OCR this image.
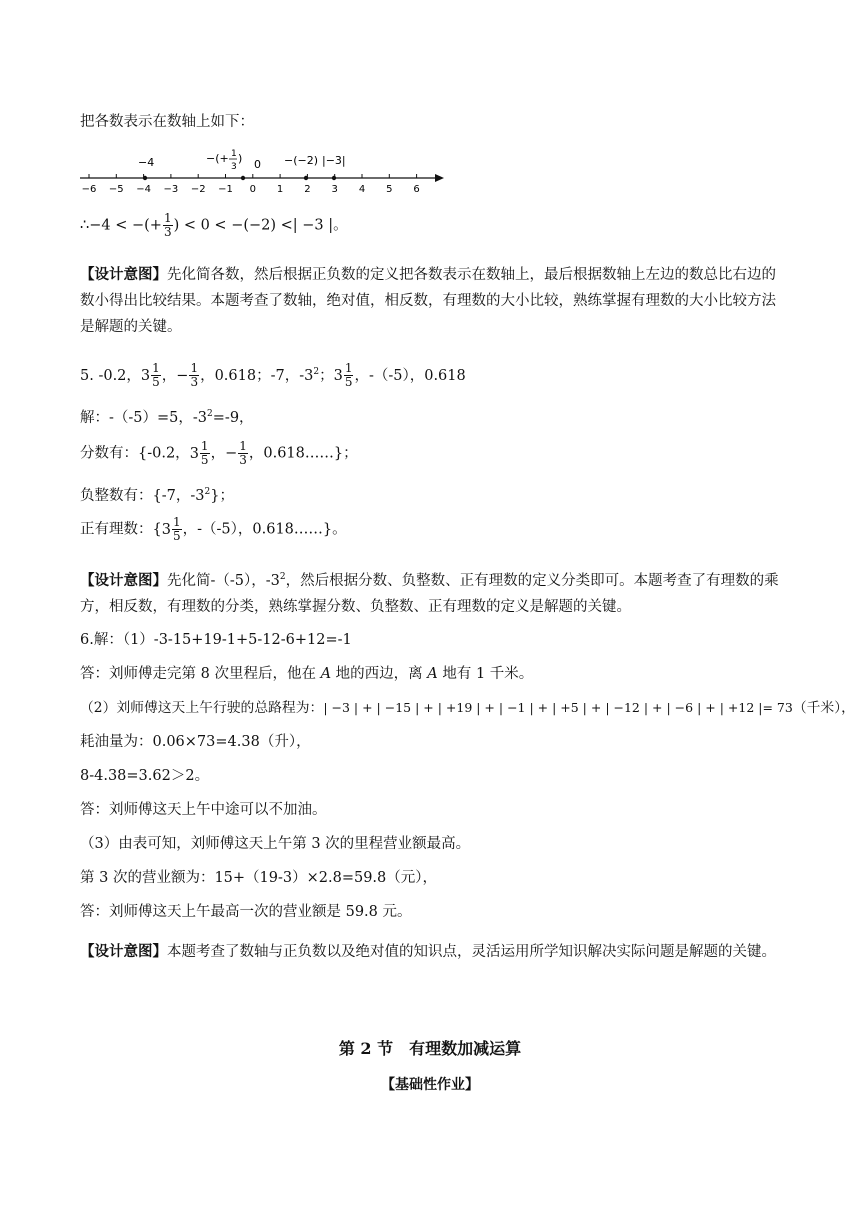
把各数表示在数轴上如下：
−6 −5 −4 −3 −2 −1 0 1 2 3 4 5 6
−4	−(+ 1
3
) 0 −(−2) |−3|
∴−4 < −(+ $\frac{1}{3}$ ) < 0 < −(−2) <| −3 |。
【设计意图】先化简各数，然后根据正负数的定义把各数表示在数轴上，最后根据数轴上左边的数总比右边的数小得出比较结果。本题考查了数轴，绝对值，相反数，有理数的大小比较，熟练掌握有理数的大小比较方法是解题的关键。
5. -0.2， $3 \frac{1}{5}$ ，− $\frac{1}{3}$ ，0.618；-7，$-3^2$； $3 \frac{1}{5}$ ，-（-5），0.618
解：-（-5）=5，$-3^2=-9$，
分数有：{-0.2， $3 \frac{1}{5}$ ，− $\frac{1}{3}$ ，0.618……}；
负整数有：{-7，$-3^2$}；
正有理数：{ $3 \frac{1}{5}$ ，-（-5），0.618……}。
【设计意图】先化简-（-5），$-3^2$，然后根据分数、负整数、正有理数的定义分类即可。本题考查了有理数的乘方，相反数，有理数的分类，熟练掌握分数、负整数、正有理数的定义是解题的关键。
6.解：（1）-3-15+19-1+5-12-6+12=-1
答：刘师傅走完第 8 次里程后，他在 A 地的西边，离 A 地有 1 千米。
（2）刘师傅这天上午行驶的总路程为：| −3 | + | −15 | + | +19 | + | −1 | + | +5 | + | −12 | + | −6 | + | +12 |= 73（千米），
耗油量为：0.06×73=4.38（升），
8-4.38=3.62＞2。
答：刘师傅这天上午中途可以不加油。
（3）由表可知，刘师傅这天上午第 3 次的里程营业额最高。
第 3 次的营业额为：15+（19-3）×2.8=59.8（元），
答：刘师傅这天上午最高一次的营业额是 59.8 元。
【设计意图】本题考查了数轴与正负数以及绝对值的知识点，灵活运用所学知识解决实际问题是解题的关键。
第 2 节　有理数加减运算
【基础性作业】
